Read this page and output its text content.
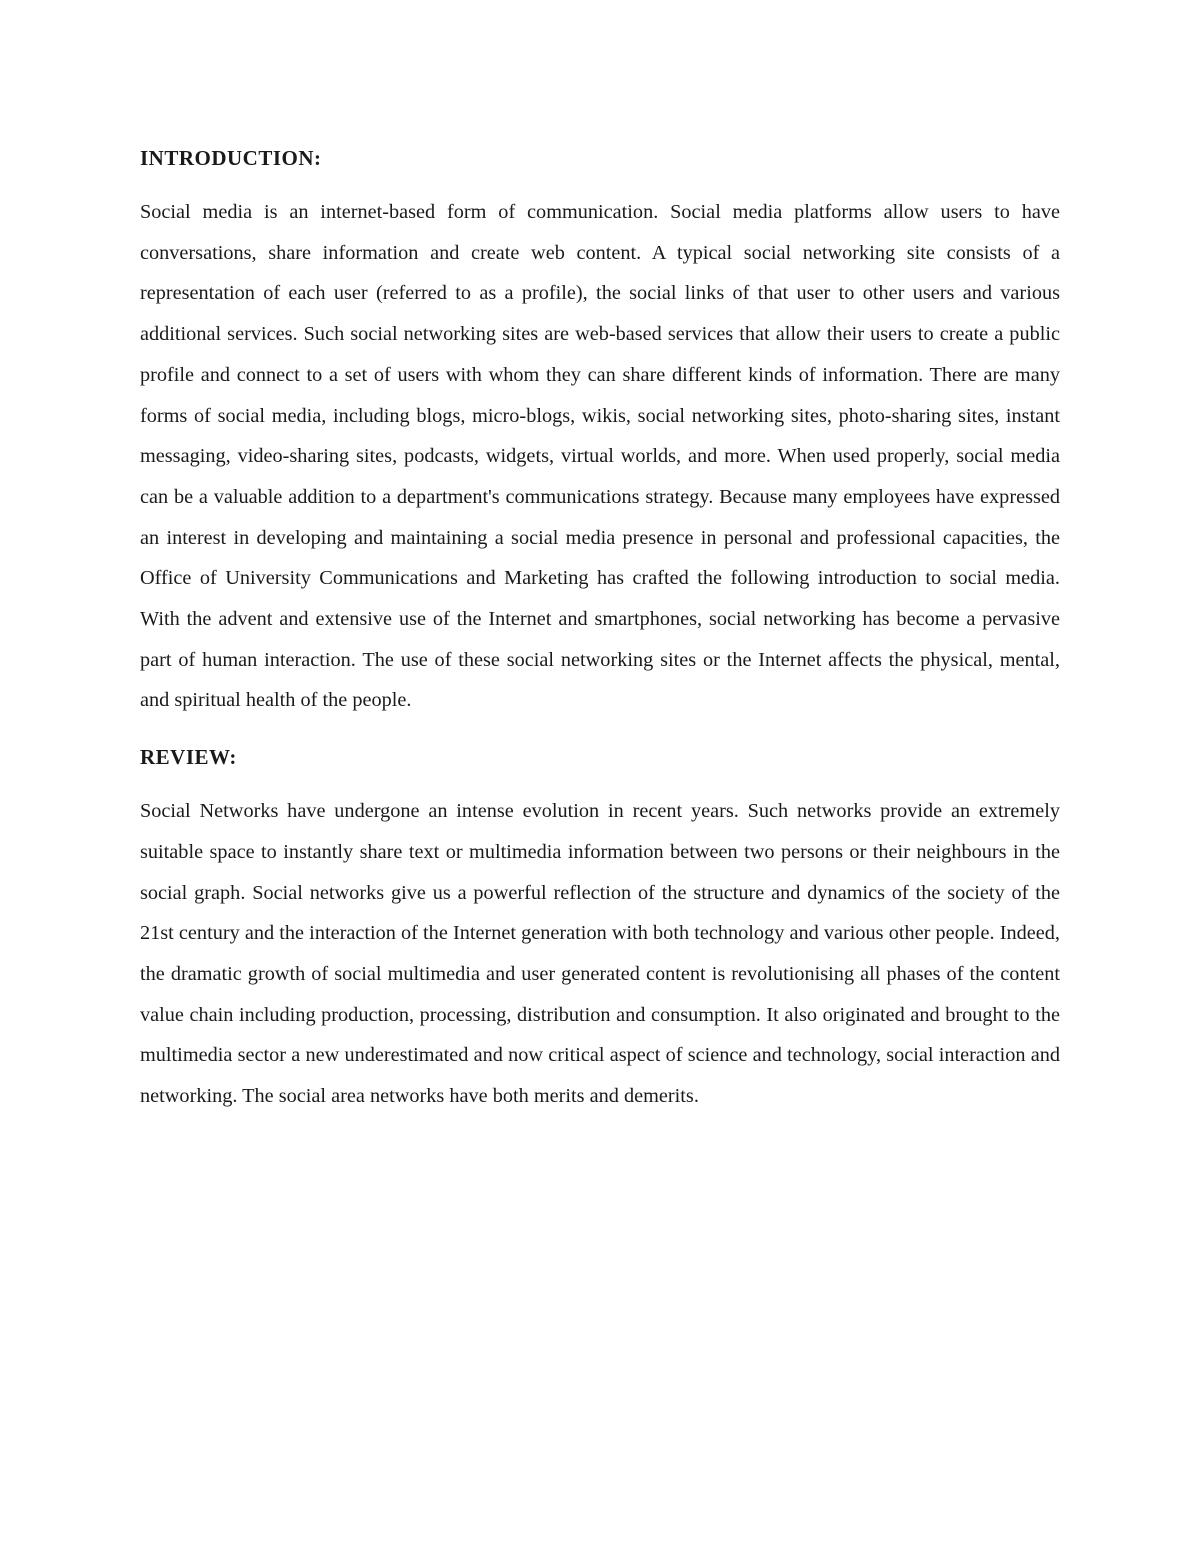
INTRODUCTION:

Social media is an internet-based form of communication. Social media platforms allow users to have conversations, share information and create web content. A typical social networking site consists of a representation of each user (referred to as a profile), the social links of that user to other users and various additional services. Such social networking sites are web-based services that allow their users to create a public profile and connect to a set of users with whom they can share different kinds of information. There are many forms of social media, including blogs, micro-blogs, wikis, social networking sites, photo-sharing sites, instant messaging, video-sharing sites, podcasts, widgets, virtual worlds, and more. When used properly, social media can be a valuable addition to a department's communications strategy. Because many employees have expressed an interest in developing and maintaining a social media presence in personal and professional capacities, the Office of University Communications and Marketing has crafted the following introduction to social media. With the advent and extensive use of the Internet and smartphones, social networking has become a pervasive part of human interaction. The use of these social networking sites or the Internet affects the physical, mental, and spiritual health of the people.

REVIEW:

Social Networks have undergone an intense evolution in recent years. Such networks provide an extremely suitable space to instantly share text or multimedia information between two persons or their neighbours in the social graph. Social networks give us a powerful reflection of the structure and dynamics of the society of the 21st century and the interaction of the Internet generation with both technology and various other people. Indeed, the dramatic growth of social multimedia and user generated content is revolutionising all phases of the content value chain including production, processing, distribution and consumption. It also originated and brought to the multimedia sector a new underestimated and now critical aspect of science and technology, social interaction and networking. The social area networks have both merits and demerits.
